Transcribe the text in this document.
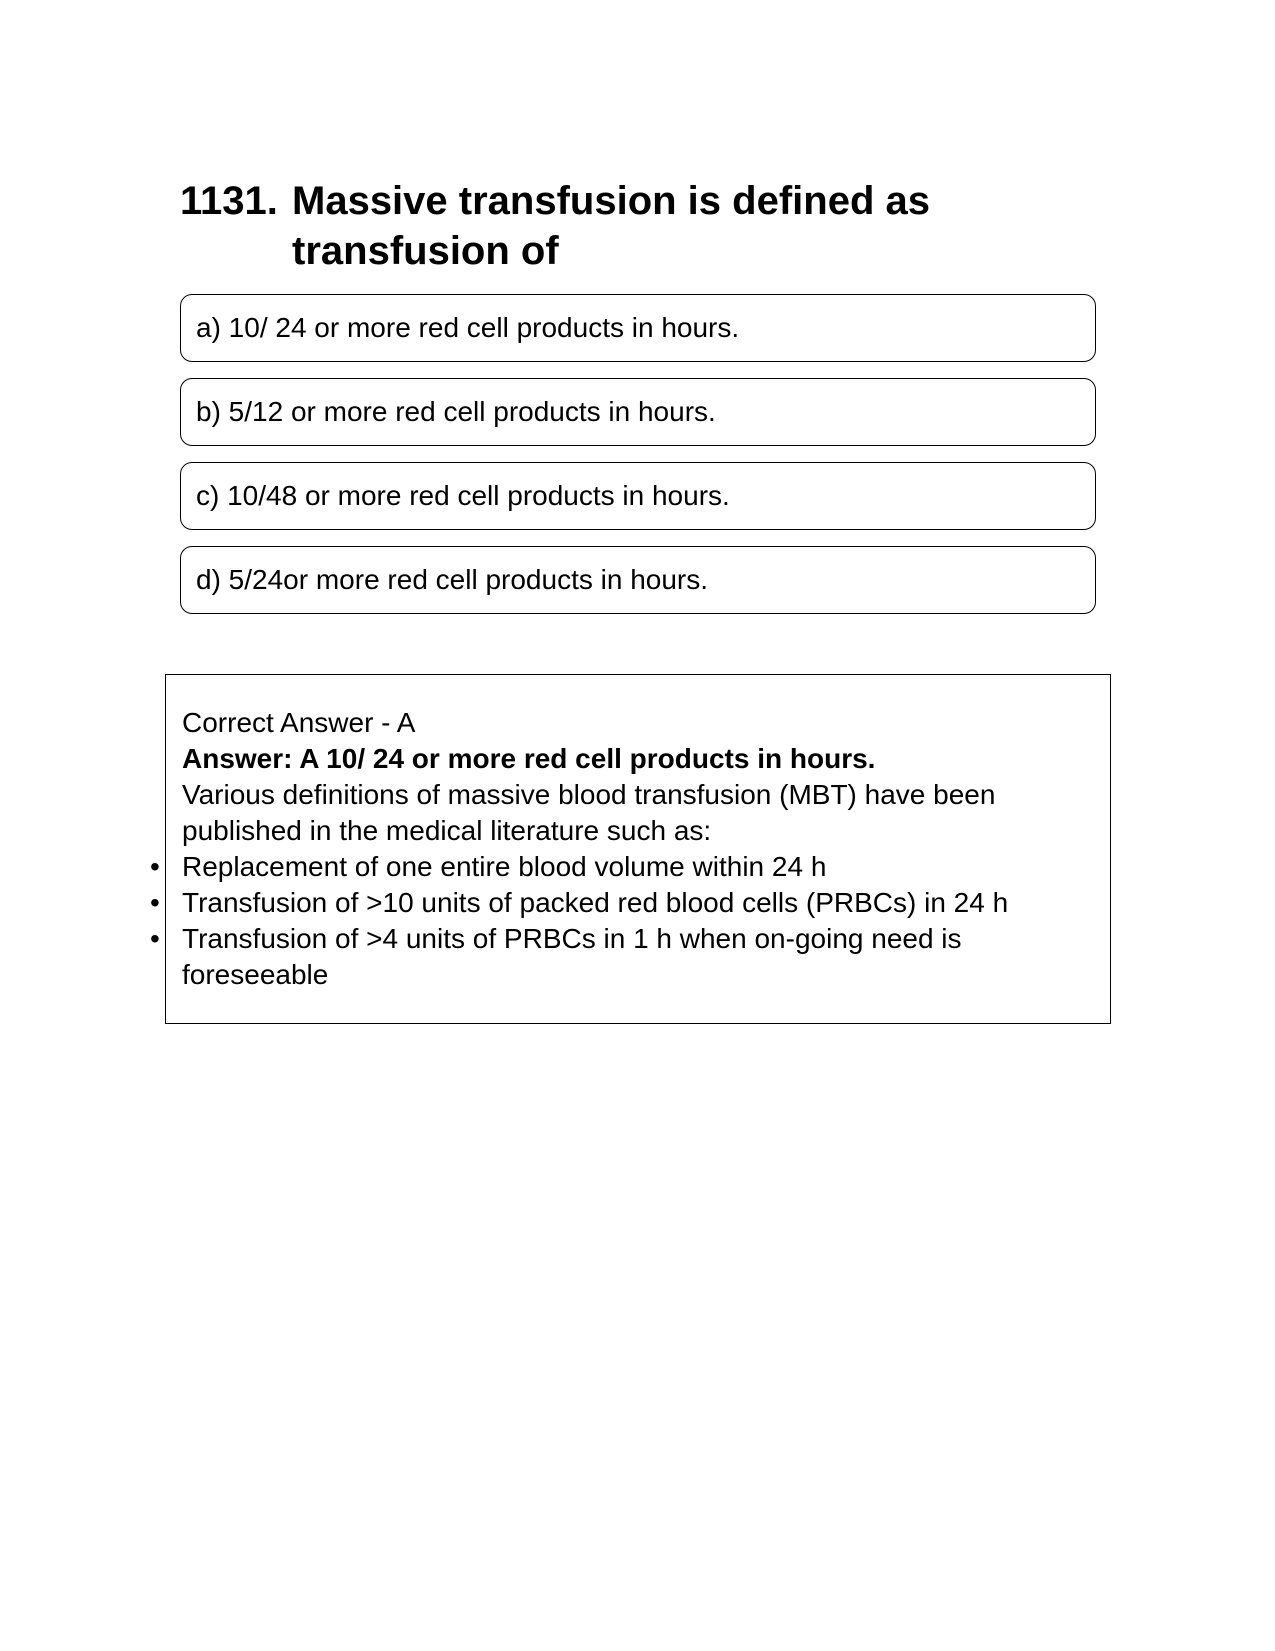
1131. Massive transfusion is defined as transfusion of
a) 10/ 24 or more red cell products in hours.
b) 5/12 or more red cell products in hours.
c) 10/48 or more red cell products in hours.
d) 5/24or more red cell products in hours.
Correct Answer - A
Answer: A 10/ 24 or more red cell products in hours.
Various definitions of massive blood transfusion (MBT) have been published in the medical literature such as:
• Replacement of one entire blood volume within 24 h
• Transfusion of >10 units of packed red blood cells (PRBCs) in 24 h
• Transfusion of >4 units of PRBCs in 1 h when on-going need is foreseeable
